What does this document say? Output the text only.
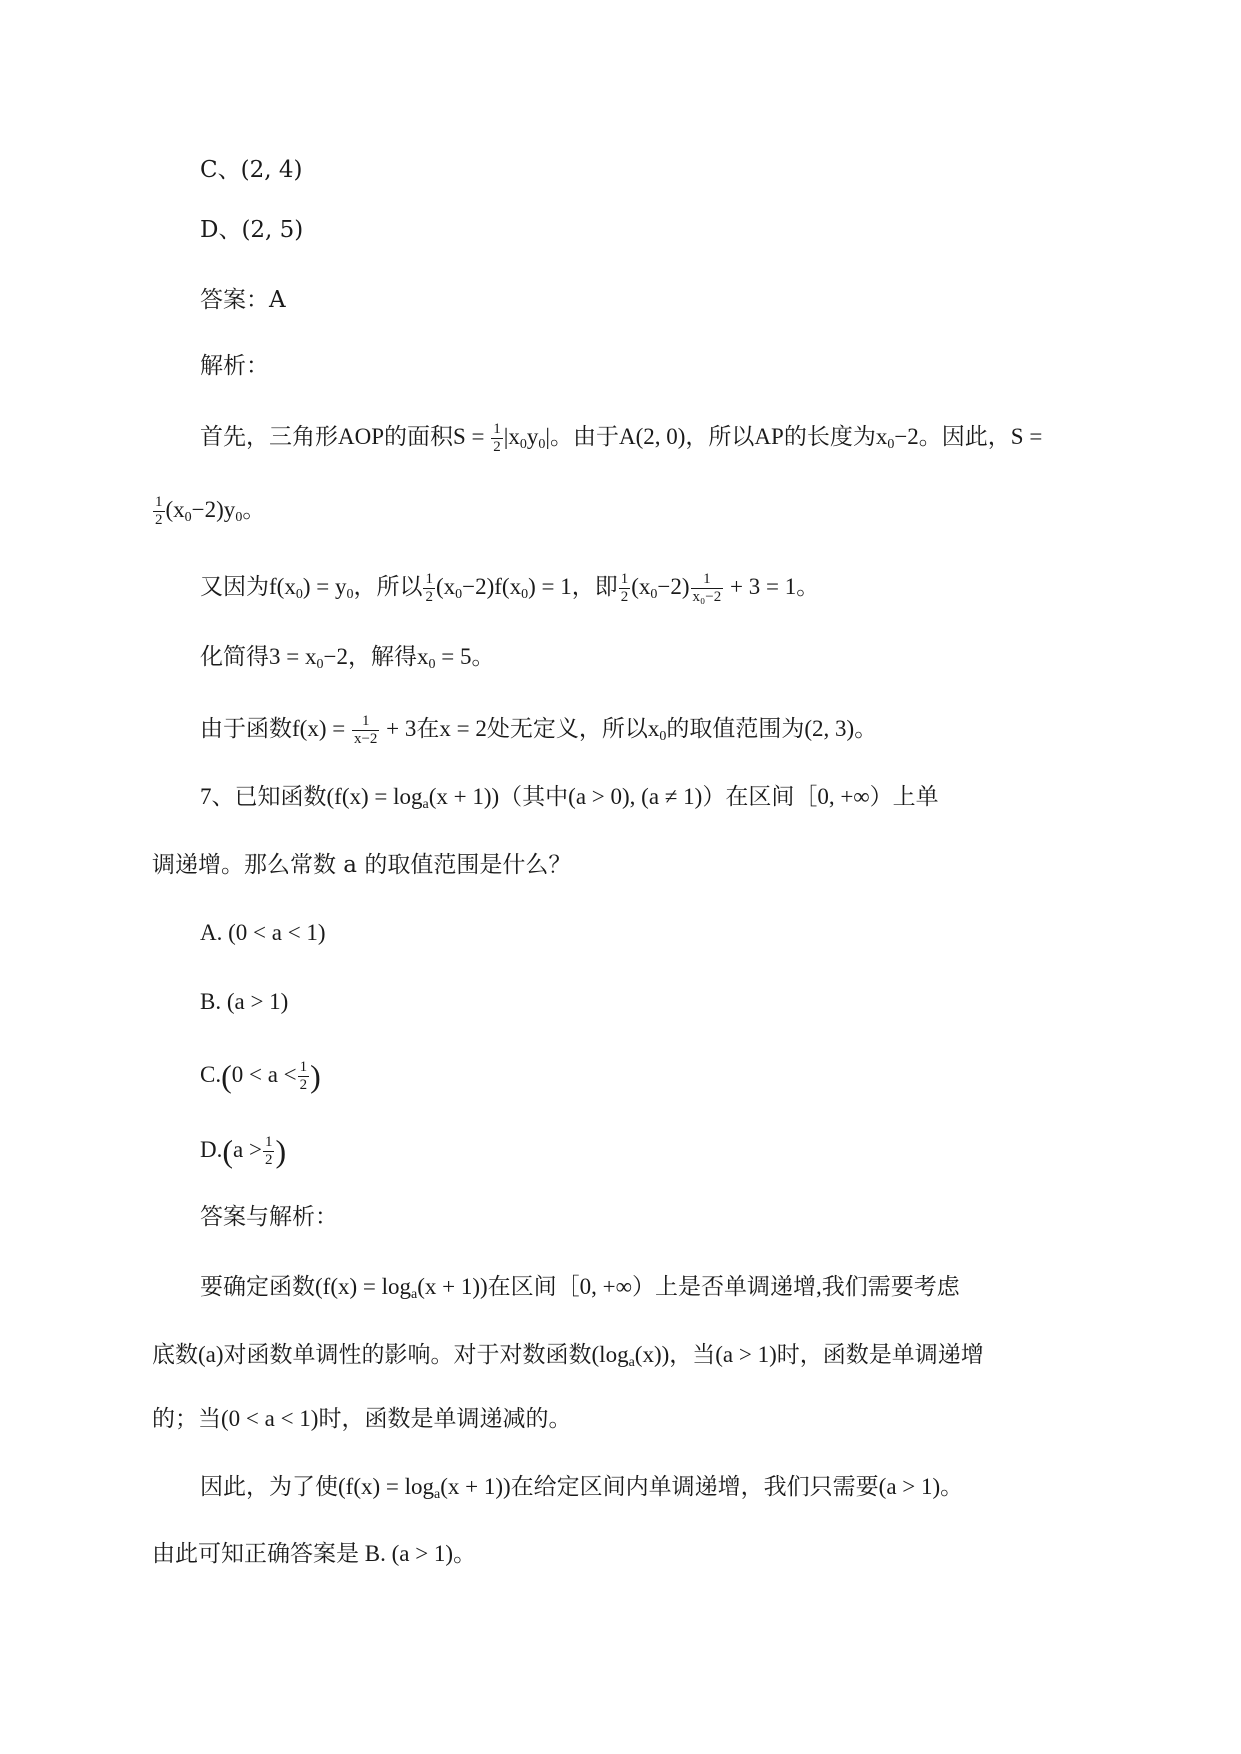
C、(2, 4)
D、(2, 5)
答案：A
解析：
首先，三角形AOP的面积$S = \frac{1}{2} |x_0y_0|$。由于A(2, 0)，所以AP的长度为$x_0-2$。因此，S =
$\frac{1}{2} (x_0-2)y_0$。
又因为$f(x_0) = y_0$，所以 $\frac{1}{2} (x_0-2)f(x_0) = 1$，即 $\frac{1}{2} (x_0-2) \frac{1}{\text{x₀−2}} + 3 = 1$。
化简得$3 = x_0-2$，解得$x_0 = 5$。
由于函数$f(x) = \frac{1}{x-2} + 3$在x = 2处无定义，所以$x_0$的取值范围为(2, 3)。
7、已知函数$(f(x) = \log_a(x + 1))$（其中(a > 0), (a ≠ 1)）在区间［0, +∞）上单
调递增。那么常数 a 的取值范围是什么？
A. (0 < a < 1)
B. (a > 1)
$C.(0 < a < \frac{1}{2}$ )
$D.(a > \frac{1}{2}$ )
答案与解析：
要确定函数$(f(x) = \log_a(x + 1))$在区间［0, +∞）上是否单调递增,我们需要考虑
底数(a)对函数单调性的影响。对于对数函数$(\log_a(x))$，当(a > 1)时，函数是单调递增
的；当(0 < a < 1)时，函数是单调递减的。
因此，为了使$(f(x) = \log_a(x + 1))$在给定区间内单调递增，我们只需要(a > 1)。
由此可知正确答案是 B. (a > 1)。
